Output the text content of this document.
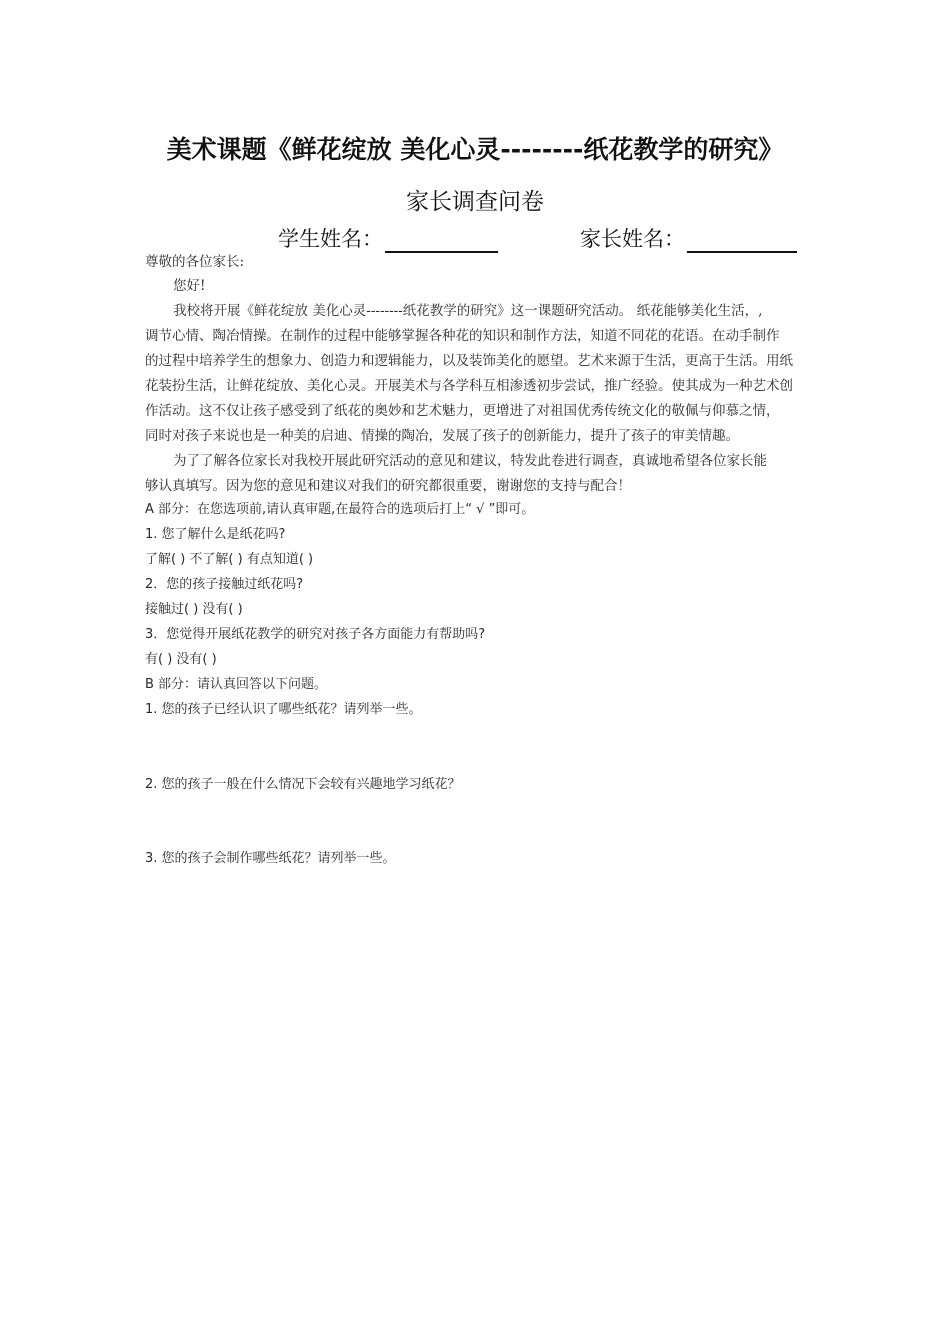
美术课题《鲜花绽放 美化心灵--------纸花教学的研究》
家长调查问卷
学生姓名：	家长姓名：
尊敬的各位家长:
您好!
我校将开展《鲜花绽放 美化心灵--------纸花教学的研究》这一课题研究活动。 纸花能够美化生活，,
调节心情、陶冶情操。在制作的过程中能够掌握各种花的知识和制作方法，知道不同花的花语。在动手制作
的过程中培养学生的想象力、创造力和逻辑能力，以及装饰美化的愿望。艺术来源于生活，更高于生活。用纸
花装扮生活，让鲜花绽放、美化心灵。开展美术与各学科互相渗透初步尝试，推广经验。使其成为一种艺术创
作活动。这不仅让孩子感受到了纸花的奥妙和艺术魅力，更增进了对祖国优秀传统文化的敬佩与仰慕之情，
同时对孩子来说也是一种美的启迪、情操的陶冶，发展了孩子的创新能力，提升了孩子的审美情趣。
为了了解各位家长对我校开展此研究活动的意见和建议，特发此卷进行调查，真诚地希望各位家长能
够认真填写。因为您的意见和建议对我们的研究都很重要，谢谢您的支持与配合！
A 部分：在您选项前,请认真审题,在最符合的选项后打上“ √ ”即可。
1. 您了解什么是纸花吗?
了解( ) 不了解( ) 有点知道( )
2．您的孩子接触过纸花吗?
接触过( ) 没有( )
3．您觉得开展纸花教学的研究对孩子各方面能力有帮助吗?
有( ) 没有( )
B 部分：请认真回答以下问题。
1. 您的孩子已经认识了哪些纸花？请列举一些。
2. 您的孩子一般在什么情况下会较有兴趣地学习纸花？
3. 您的孩子会制作哪些纸花？请列举一些。
